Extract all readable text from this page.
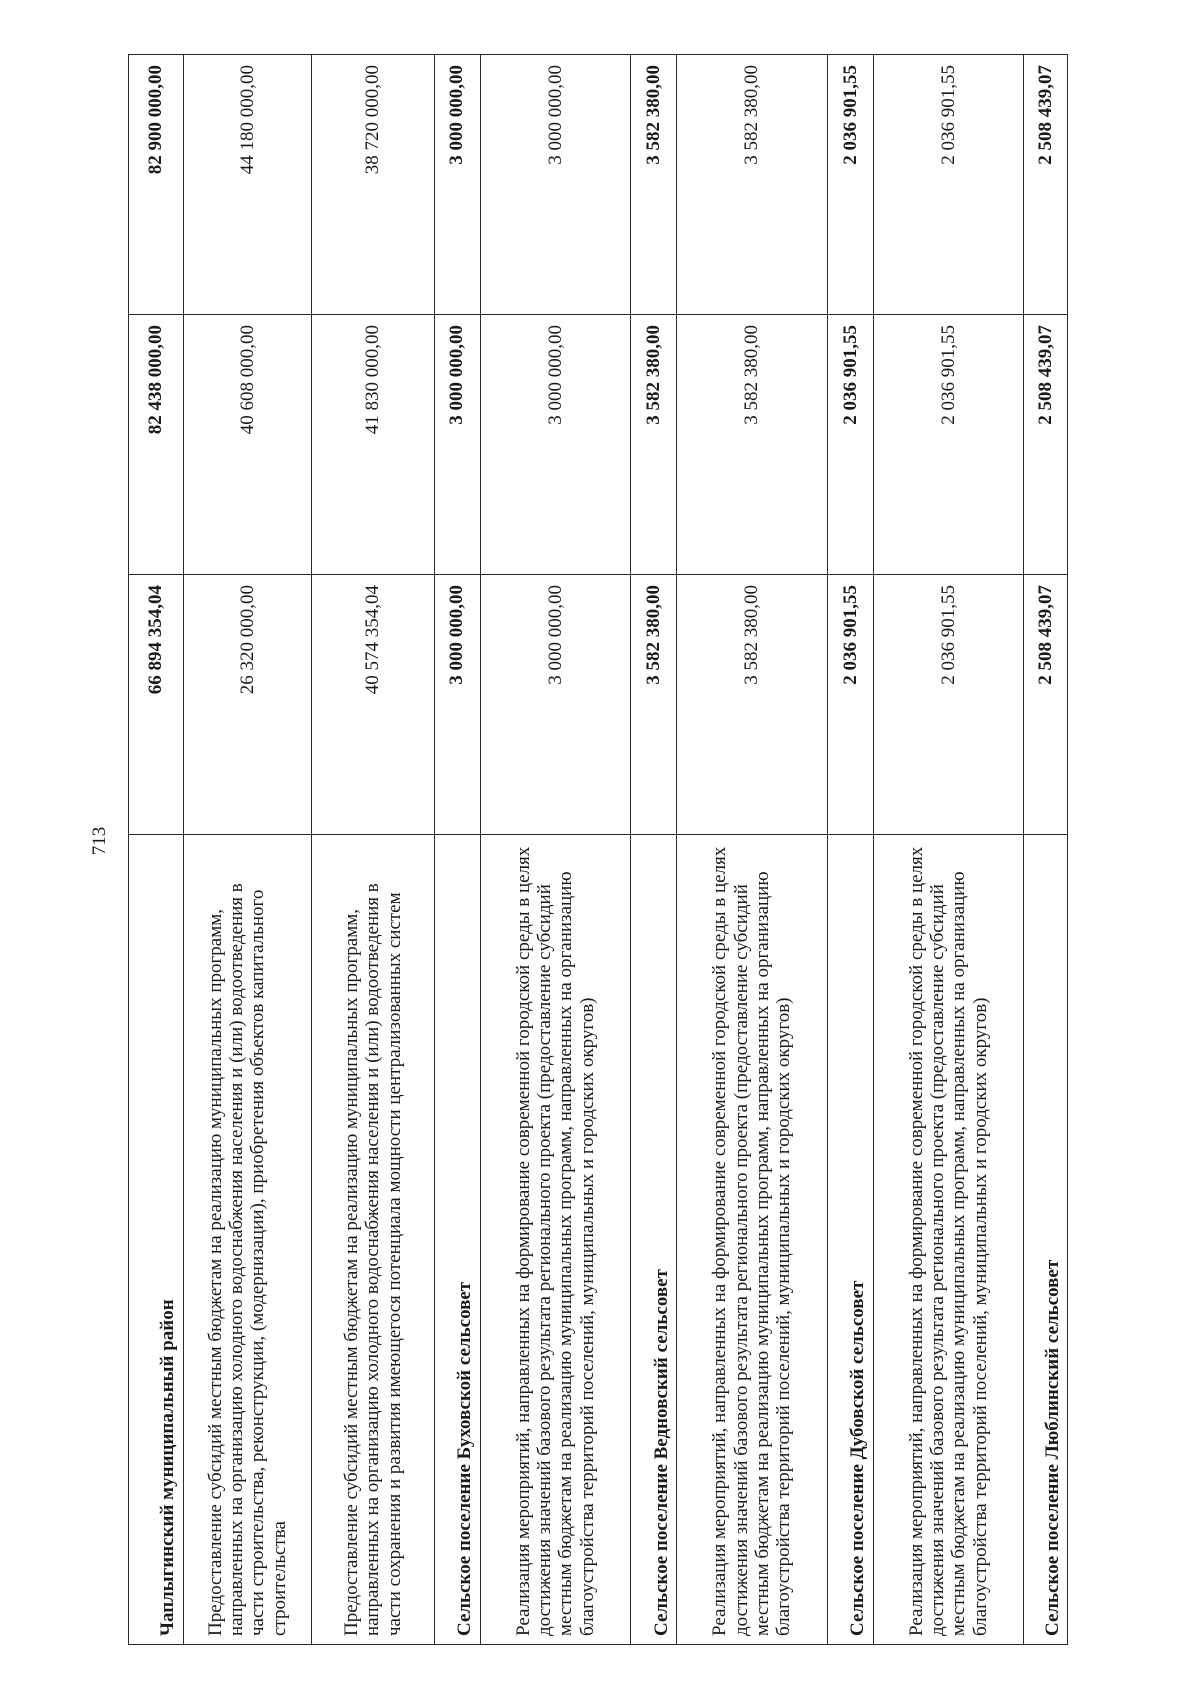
713
Чаплыгинский муниципальный район	66 894 354,04	82 438 000,00	82 900 000,00
Предоставление субсидий местным бюджетам на реализацию муниципальных программ, направленных на организацию холодного водоснабжения населения и (или) водоотведения в части строительства, реконструкции, (модернизации), приобретения объектов капитального строительства	26 320 000,00	40 608 000,00	44 180 000,00
Предоставление субсидий местным бюджетам на реализацию муниципальных программ, направленных на организацию холодного водоснабжения населения и (или) водоотведения в части сохранения и развития имеющегося потенциала мощности централизованных систем	40 574 354,04	41 830 000,00	38 720 000,00
Сельское поселение Буховской сельсовет	3 000 000,00	3 000 000,00	3 000 000,00
Реализация мероприятий, направленных на формирование современной городской среды в целях достижения значений базового результата регионального проекта (предоставление субсидий местным бюджетам на реализацию муниципальных программ, направленных на организацию благоустройства территорий поселений, муниципальных и городских округов)	3 000 000,00	3 000 000,00	3 000 000,00
Сельское поселение Ведновский сельсовет	3 582 380,00	3 582 380,00	3 582 380,00
Реализация мероприятий, направленных на формирование современной городской среды в целях достижения значений базового результата регионального проекта (предоставление субсидий местным бюджетам на реализацию муниципальных программ, направленных на организацию благоустройства территорий поселений, муниципальных и городских округов)	3 582 380,00	3 582 380,00	3 582 380,00
Сельское поселение Дубовской сельсовет	2 036 901,55	2 036 901,55	2 036 901,55
Реализация мероприятий, направленных на формирование современной городской среды в целях достижения значений базового результата регионального проекта (предоставление субсидий местным бюджетам на реализацию муниципальных программ, направленных на организацию благоустройства территорий поселений, муниципальных и городских округов)	2 036 901,55	2 036 901,55	2 036 901,55
Сельское поселение Люблинский сельсовет	2 508 439,07	2 508 439,07	2 508 439,07
